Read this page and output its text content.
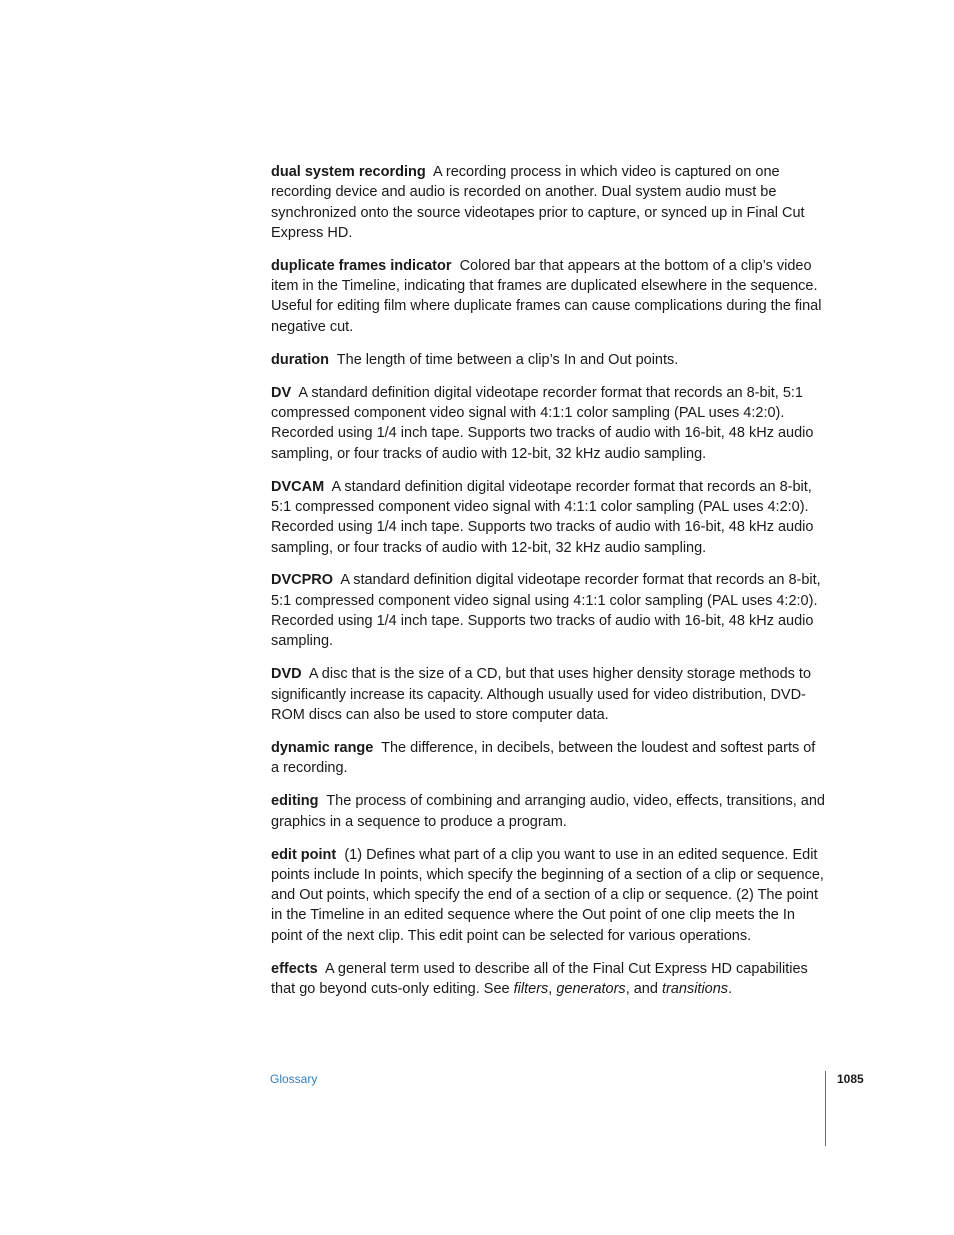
dual system recording A recording process in which video is captured on one recording device and audio is recorded on another. Dual system audio must be synchronized onto the source videotapes prior to capture, or synced up in Final Cut Express HD.

duplicate frames indicator Colored bar that appears at the bottom of a clip’s video item in the Timeline, indicating that frames are duplicated elsewhere in the sequence. Useful for editing film where duplicate frames can cause complications during the final negative cut.

duration The length of time between a clip’s In and Out points.

DV A standard definition digital videotape recorder format that records an 8-bit, 5:1 compressed component video signal with 4:1:1 color sampling (PAL uses 4:2:0). Recorded using 1/4 inch tape. Supports two tracks of audio with 16-bit, 48 kHz audio sampling, or four tracks of audio with 12-bit, 32 kHz audio sampling.

DVCAM A standard definition digital videotape recorder format that records an 8-bit, 5:1 compressed component video signal with 4:1:1 color sampling (PAL uses 4:2:0). Recorded using 1/4 inch tape. Supports two tracks of audio with 16-bit, 48 kHz audio sampling, or four tracks of audio with 12-bit, 32 kHz audio sampling.

DVCPRO A standard definition digital videotape recorder format that records an 8-bit, 5:1 compressed component video signal using 4:1:1 color sampling (PAL uses 4:2:0). Recorded using 1/4 inch tape. Supports two tracks of audio with 16-bit, 48 kHz audio sampling.

DVD A disc that is the size of a CD, but that uses higher density storage methods to significantly increase its capacity. Although usually used for video distribution, DVD-ROM discs can also be used to store computer data.

dynamic range The difference, in decibels, between the loudest and softest parts of a recording.

editing The process of combining and arranging audio, video, effects, transitions, and graphics in a sequence to produce a program.

edit point (1) Defines what part of a clip you want to use in an edited sequence. Edit points include In points, which specify the beginning of a section of a clip or sequence, and Out points, which specify the end of a section of a clip or sequence. (2) The point in the Timeline in an edited sequence where the Out point of one clip meets the In point of the next clip. This edit point can be selected for various operations.

effects A general term used to describe all of the Final Cut Express HD capabilities that go beyond cuts-only editing. See filters, generators, and transitions.

Glossary	1085
